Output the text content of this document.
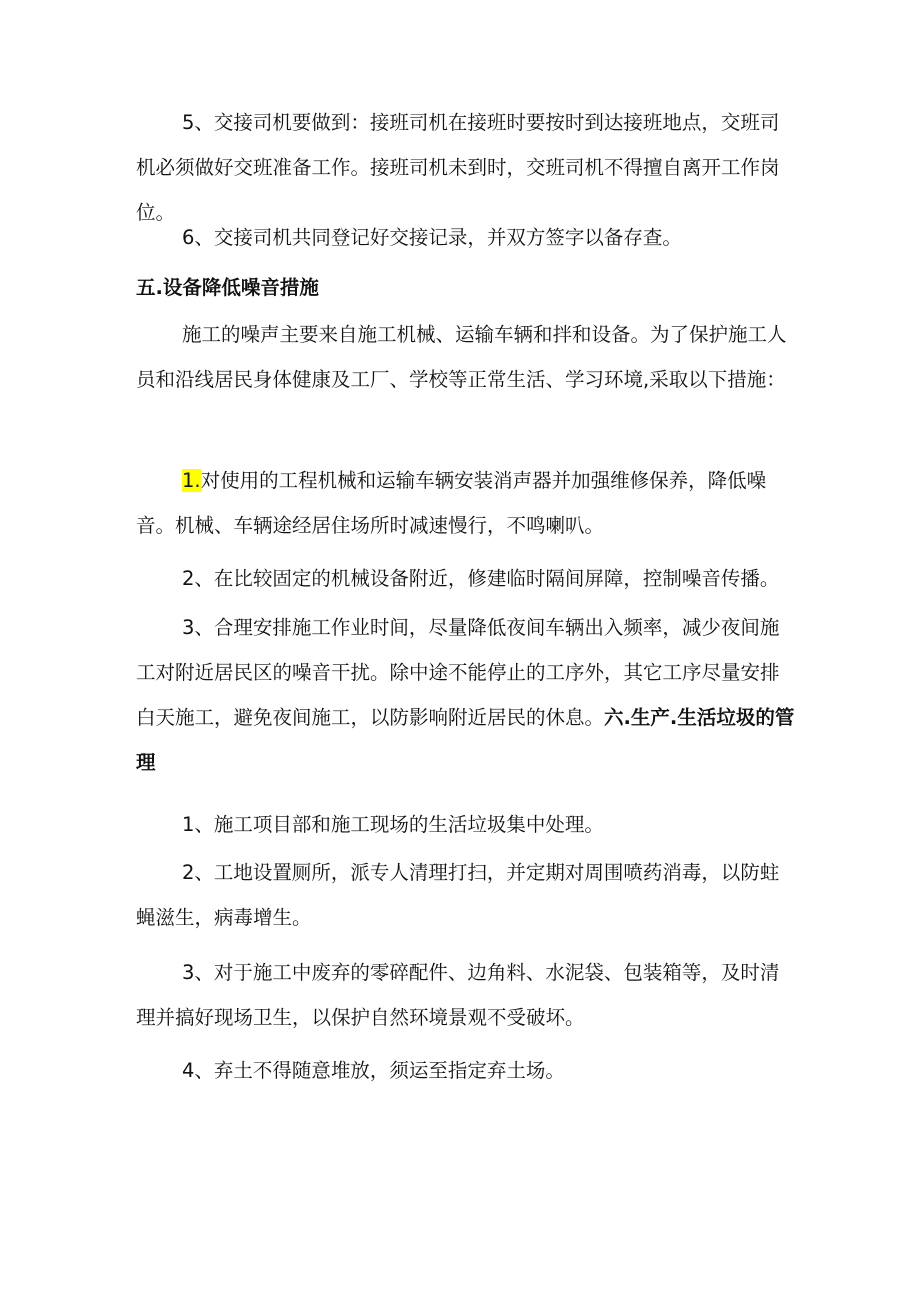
5、交接司机要做到：接班司机在接班时要按时到达接班地点，交班司机必须做好交班准备工作。接班司机未到时，交班司机不得擅自离开工作岗位。

6、交接司机共同登记好交接记录，并双方签字以备存查。

五.设备降低噪音措施

施工的噪声主要来自施工机械、运输车辆和拌和设备。为了保护施工人员和沿线居民身体健康及工厂、学校等正常生活、学习环境,采取以下措施：

1.对使用的工程机械和运输车辆安装消声器并加强维修保养，降低噪音。机械、车辆途经居住场所时减速慢行，不鸣喇叭。

2、在比较固定的机械设备附近，修建临时隔间屏障，控制噪音传播。

3、合理安排施工作业时间，尽量降低夜间车辆出入频率，减少夜间施工对附近居民区的噪音干扰。除中途不能停止的工序外，其它工序尽量安排白天施工，避免夜间施工，以防影响附近居民的休息。六.生产.生活垃圾的管理

1、施工项目部和施工现场的生活垃圾集中处理。

2、工地设置厕所，派专人清理打扫，并定期对周围喷药消毒，以防蛀蝇滋生，病毒增生。

3、对于施工中废弃的零碎配件、边角料、水泥袋、包装箱等，及时清理并搞好现场卫生，以保护自然环境景观不受破坏。

4、弃土不得随意堆放，须运至指定弃土场。
